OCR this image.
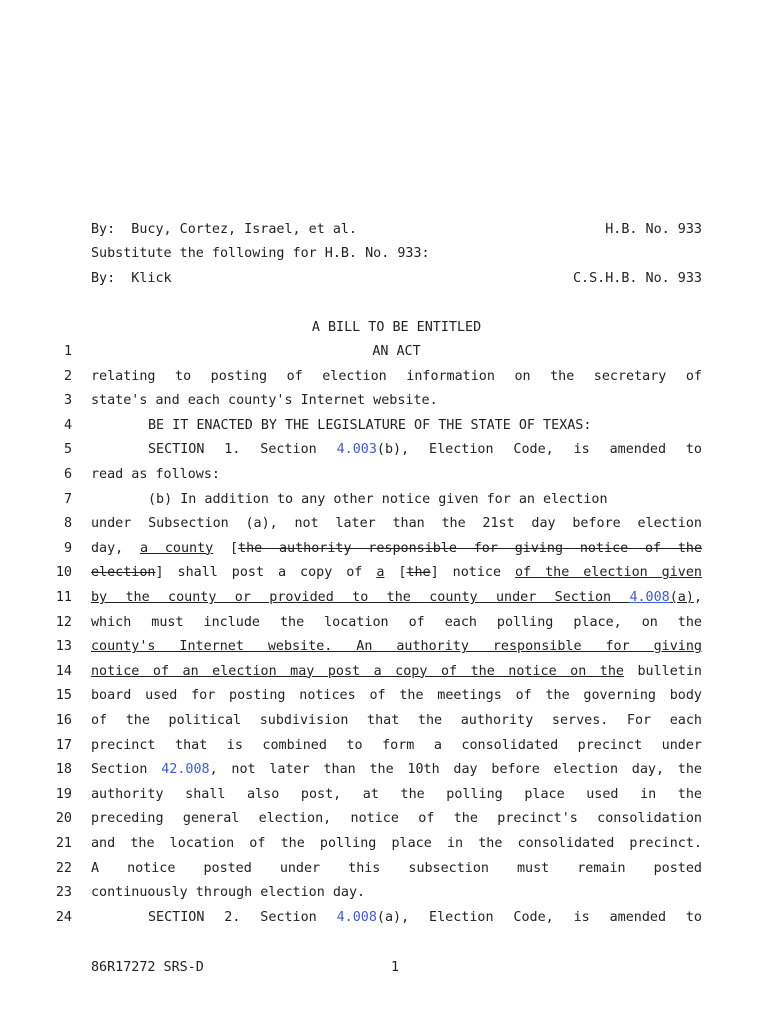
By:  Bucy, Cortez, Israel, et al.	H.B. No. 933
Substitute the following for H.B. No. 933:
By:  Klick	C.S.H.B. No. 933
A BILL TO BE ENTITLED
1	AN ACT
2 relating to posting of election information on the secretary of
3 state's and each county's Internet website.
4	BE IT ENACTED BY THE LEGISLATURE OF THE STATE OF TEXAS:
5	SECTION 1. Section 4.003(b), Election Code, is amended to
6 read as follows:
7	(b) In addition to any other notice given for an election
8 under Subsection (a), not later than the 21st day before election
9 day, a county [the authority responsible for giving notice of the
10 election] shall post a copy of a [the] notice of the election given
11 by the county or provided to the county under Section 4.008(a),
12 which must include the location of each polling place, on the
13 county's Internet website. An authority responsible for giving
14 notice of an election may post a copy of the notice on the bulletin
15 board used for posting notices of the meetings of the governing body
16 of the political subdivision that the authority serves. For each
17 precinct that is combined to form a consolidated precinct under
18 Section 42.008, not later than the 10th day before election day, the
19 authority shall also post, at the polling place used in the
20 preceding general election, notice of the precinct's consolidation
21 and the location of the polling place in the consolidated precinct.
22 A notice posted under this subsection must remain posted
23 continuously through election day.
24	SECTION 2. Section 4.008(a), Election Code, is amended to
86R17272 SRS-D	1
